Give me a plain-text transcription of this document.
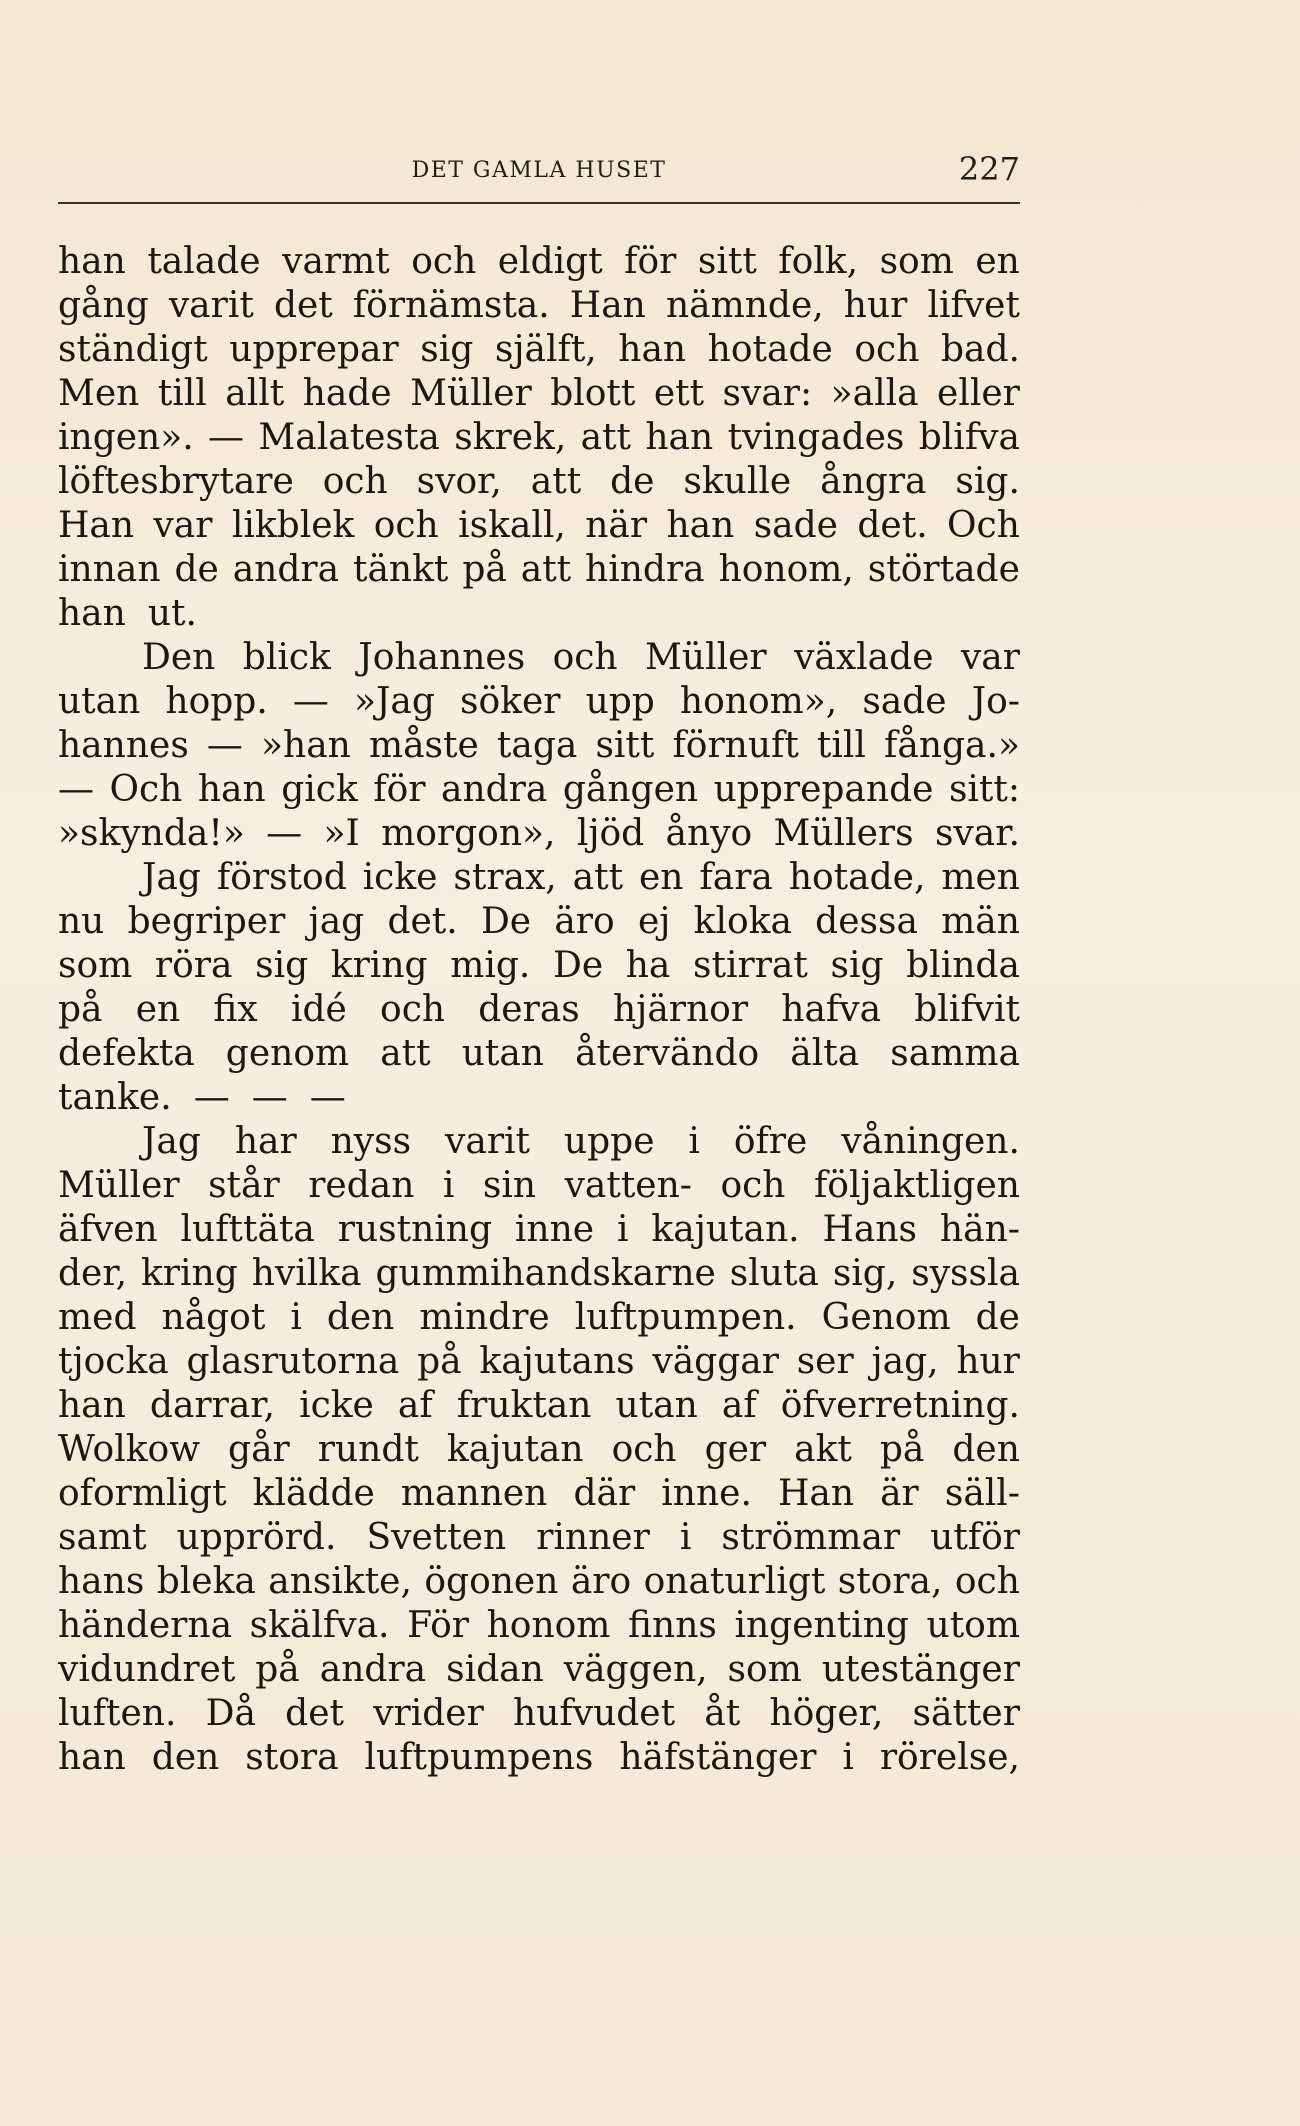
DET GAMLA HUSET	227
han talade varmt och eldigt för sitt folk, som en
gång varit det förnämsta. Han nämnde, hur lifvet
ständigt upprepar sig själft, han hotade och bad.
Men till allt hade Müller blott ett svar: »alla eller
ingen». — Malatesta skrek, att han tvingades blifva
löftesbrytare och svor, att de skulle ångra sig.
Han var likblek och iskall, när han sade det. Och
innan de andra tänkt på att hindra honom, störtade
han ut.
Den blick Johannes och Müller växlade var
utan hopp. — »Jag söker upp honom», sade Jo-
hannes — »han måste taga sitt förnuft till fånga.»
— Och han gick för andra gången upprepande sitt:
»skynda!» — »I morgon», ljöd ånyo Müllers svar.
Jag förstod icke strax, att en fara hotade, men
nu begriper jag det. De äro ej kloka dessa män
som röra sig kring mig. De ha stirrat sig blinda
på en fix idé och deras hjärnor hafva blifvit
defekta genom att utan återvändo älta samma
tanke. — — —
Jag har nyss varit uppe i öfre våningen.
Müller står redan i sin vatten- och följaktligen
äfven lufttäta rustning inne i kajutan. Hans hän-
der, kring hvilka gummihandskarne sluta sig, syssla
med något i den mindre luftpumpen. Genom de
tjocka glasrutorna på kajutans väggar ser jag, hur
han darrar, icke af fruktan utan af öfverretning.
Wolkow går rundt kajutan och ger akt på den
oformligt klädde mannen där inne. Han är säll-
samt upprörd. Svetten rinner i strömmar utför
hans bleka ansikte, ögonen äro onaturligt stora, och
händerna skälfva. För honom finns ingenting utom
vidundret på andra sidan väggen, som utestänger
luften. Då det vrider hufvudet åt höger, sätter
han den stora luftpumpens häfstänger i rörelse,
